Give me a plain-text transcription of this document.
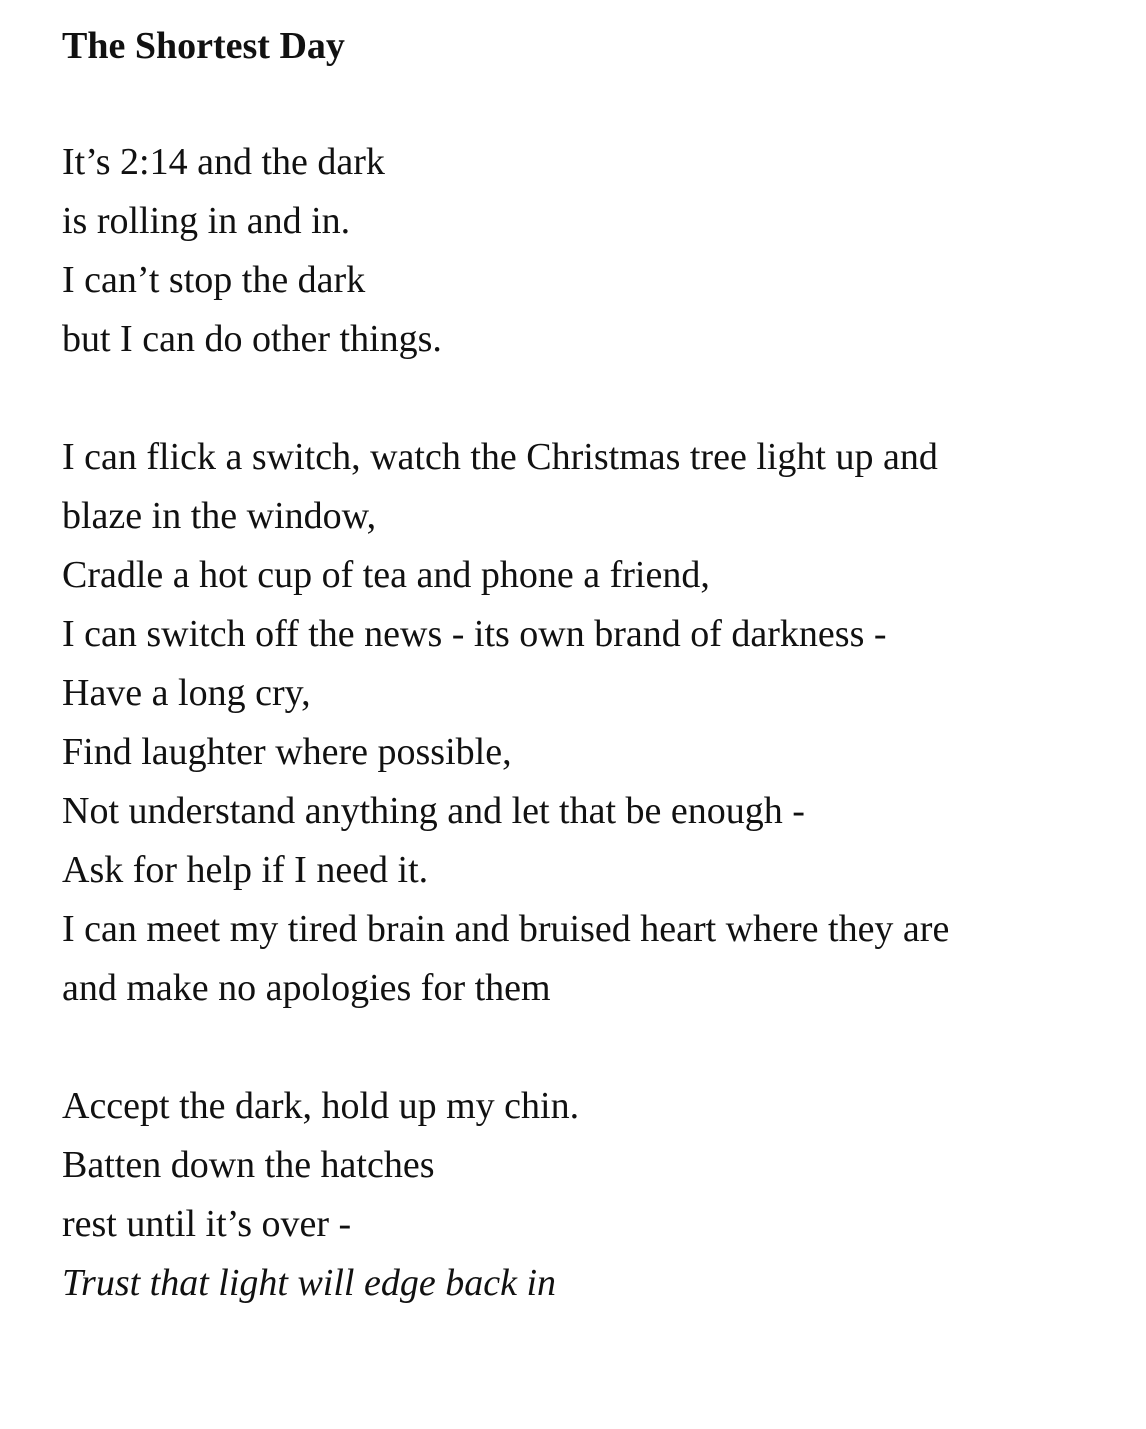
The Shortest Day

It’s 2:14 and the dark

is rolling in and in.

I can’t stop the dark

but I can do other things.

I can flick a switch, watch the Christmas tree light up and

blaze in the window,

Cradle a hot cup of tea and phone a friend,

I can switch off the news - its own brand of darkness -

Have a long cry,

Find laughter where possible,

Not understand anything and let that be enough -

Ask for help if I need it.

I can meet my tired brain and bruised heart where they are

and make no apologies for them

Accept the dark, hold up my chin.

Batten down the hatches

rest until it’s over -

Trust that light will edge back in
